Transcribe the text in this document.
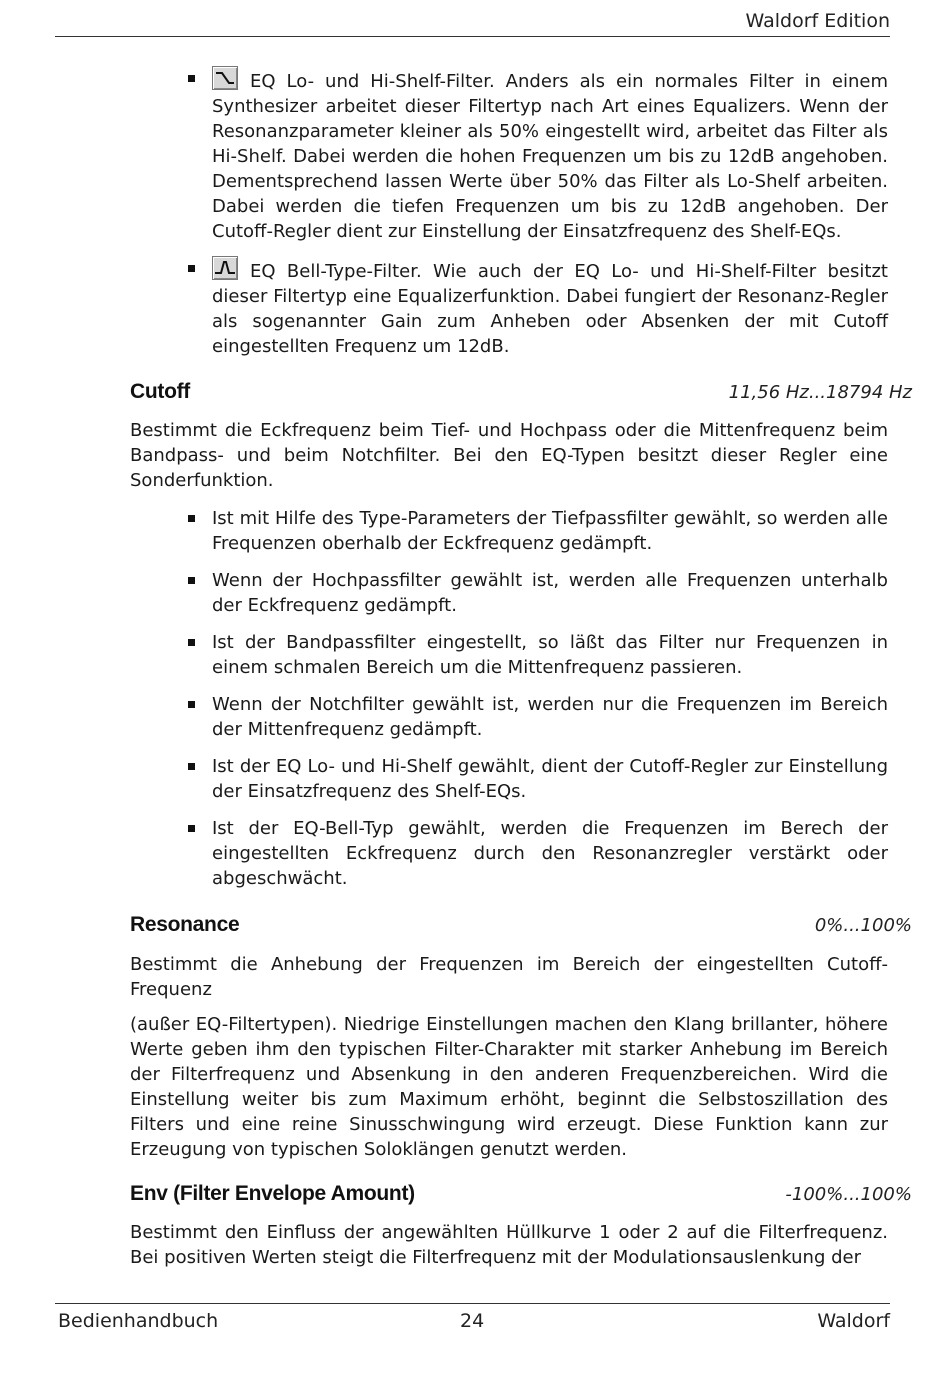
Waldorf Edition
EQ Lo- und Hi-Shelf-Filter. Anders als ein normales Filter in einem Synthesizer arbeitet dieser Filtertyp nach Art eines Equalizers. Wenn der Resonanzparameter kleiner als 50% eingestellt wird, arbeitet das Filter als Hi-Shelf. Dabei werden die hohen Frequenzen um bis zu 12dB angehoben. Dementsprechend lassen Werte über 50% das Filter als Lo-Shelf arbeiten. Dabei werden die tiefen Frequenzen um bis zu 12dB angehoben. Der Cutoff-Regler dient zur Einstellung der Einsatzfrequenz des Shelf-EQs.
EQ Bell-Type-Filter. Wie auch der EQ Lo- und Hi-Shelf-Filter besitzt dieser Filtertyp eine Equalizerfunktion. Dabei fungiert der Resonanz-Regler als sogenannter Gain zum Anheben oder Absenken der mit Cutoff eingestellten Frequenz um 12dB.
Cutoff	11,56 Hz...18794 Hz

Bestimmt die Eckfrequenz beim Tief- und Hochpass oder die Mittenfrequenz beim Bandpass- und beim Notchfilter. Bei den EQ-Typen besitzt dieser Regler eine Sonderfunktion.

Ist mit Hilfe des Type-Parameters der Tiefpassfilter gewählt, so werden alle Frequenzen oberhalb der Eckfrequenz gedämpft.
Wenn der Hochpassfilter gewählt ist, werden alle Frequenzen unterhalb der Eckfrequenz gedämpft.
Ist der Bandpassfilter eingestellt, so läßt das Filter nur Frequenzen in einem schmalen Bereich um die Mittenfrequenz passieren.
Wenn der Notchfilter gewählt ist, werden nur die Frequenzen im Bereich der Mittenfrequenz gedämpft.
Ist der EQ Lo- und Hi-Shelf gewählt, dient der Cutoff-Regler zur Einstellung der Einsatzfrequenz des Shelf-EQs.
Ist der EQ-Bell-Typ gewählt, werden die Frequenzen im Berech der eingestellten Eckfrequenz durch den Resonanzregler verstärkt oder abgeschwächt.
Resonance	0%...100%

Bestimmt die Anhebung der Frequenzen im Bereich der eingestellten Cutoff-Frequenz

(außer EQ-Filtertypen). Niedrige Einstellungen machen den Klang brillanter, höhere Werte geben ihm den typischen Filter-Charakter mit starker Anhebung im Bereich der Filterfrequenz und Absenkung in den anderen Frequenzbereichen. Wird die Einstellung weiter bis zum Maximum erhöht, beginnt die Selbstoszillation des Filters und eine reine Sinusschwingung wird erzeugt. Diese Funktion kann zur Erzeugung von typischen Soloklängen genutzt werden.

Env (Filter Envelope Amount)	-100%...100%

Bestimmt den Einfluss der angewählten Hüllkurve 1 oder 2 auf die Filterfrequenz. Bei positiven Werten steigt die Filterfrequenz mit der Modulationsauslenkung der

Bedienhandbuch	24	Waldorf
